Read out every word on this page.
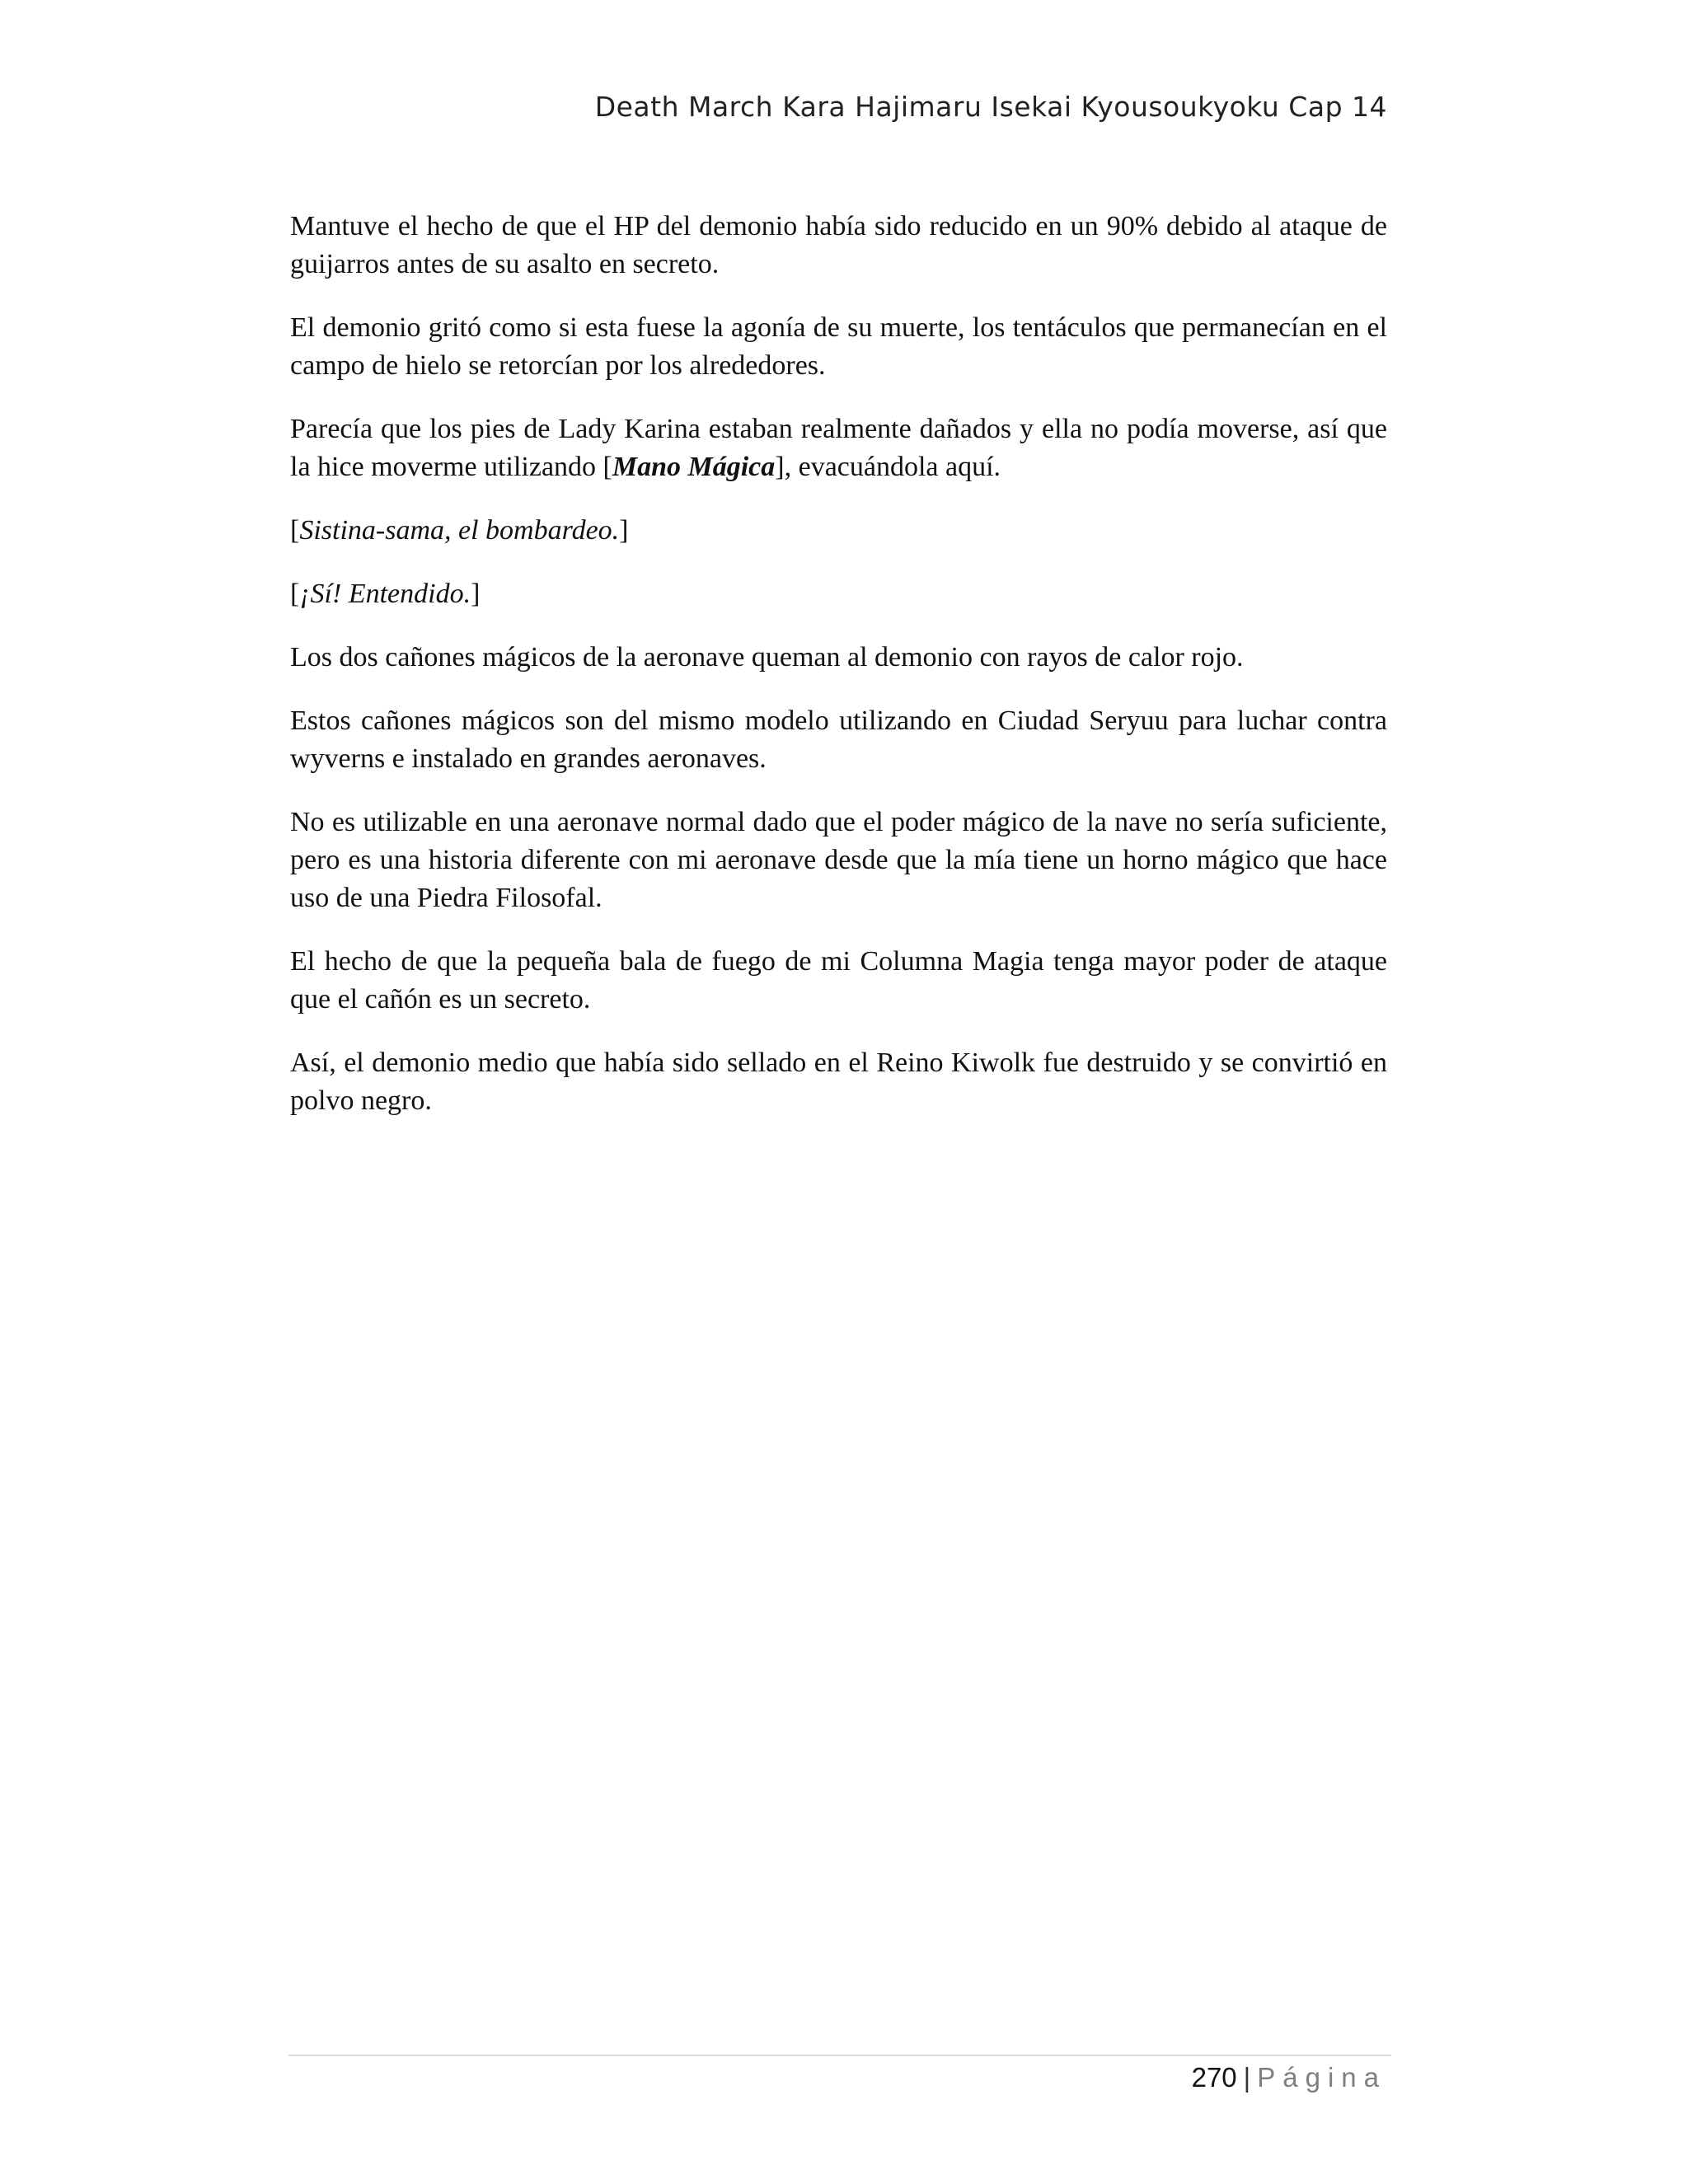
Death March Kara Hajimaru Isekai Kyousoukyoku Cap 14

Mantuve el hecho de que el HP del demonio había sido reducido en un 90% debido al ataque de guijarros antes de su asalto en secreto.

El demonio gritó como si esta fuese la agonía de su muerte, los tentáculos que permanecían en el campo de hielo se retorcían por los alrededores.

Parecía que los pies de Lady Karina estaban realmente dañados y ella no podía moverse, así que la hice moverme utilizando [Mano Mágica], evacuándola aquí.

[Sistina-sama, el bombardeo.]

[¡Sí! Entendido.]

Los dos cañones mágicos de la aeronave queman al demonio con rayos de calor rojo.

Estos cañones mágicos son del mismo modelo utilizando en Ciudad Seryuu para luchar contra wyverns e instalado en grandes aeronaves.

No es utilizable en una aeronave normal dado que el poder mágico de la nave no sería suficiente, pero es una historia diferente con mi aeronave desde que la mía tiene un horno mágico que hace uso de una Piedra Filosofal.

El hecho de que la pequeña bala de fuego de mi Columna Magia tenga mayor poder de ataque que el cañón es un secreto.

Así, el demonio medio que había sido sellado en el Reino Kiwolk fue destruido y se convirtió en polvo negro.

270 | Página
